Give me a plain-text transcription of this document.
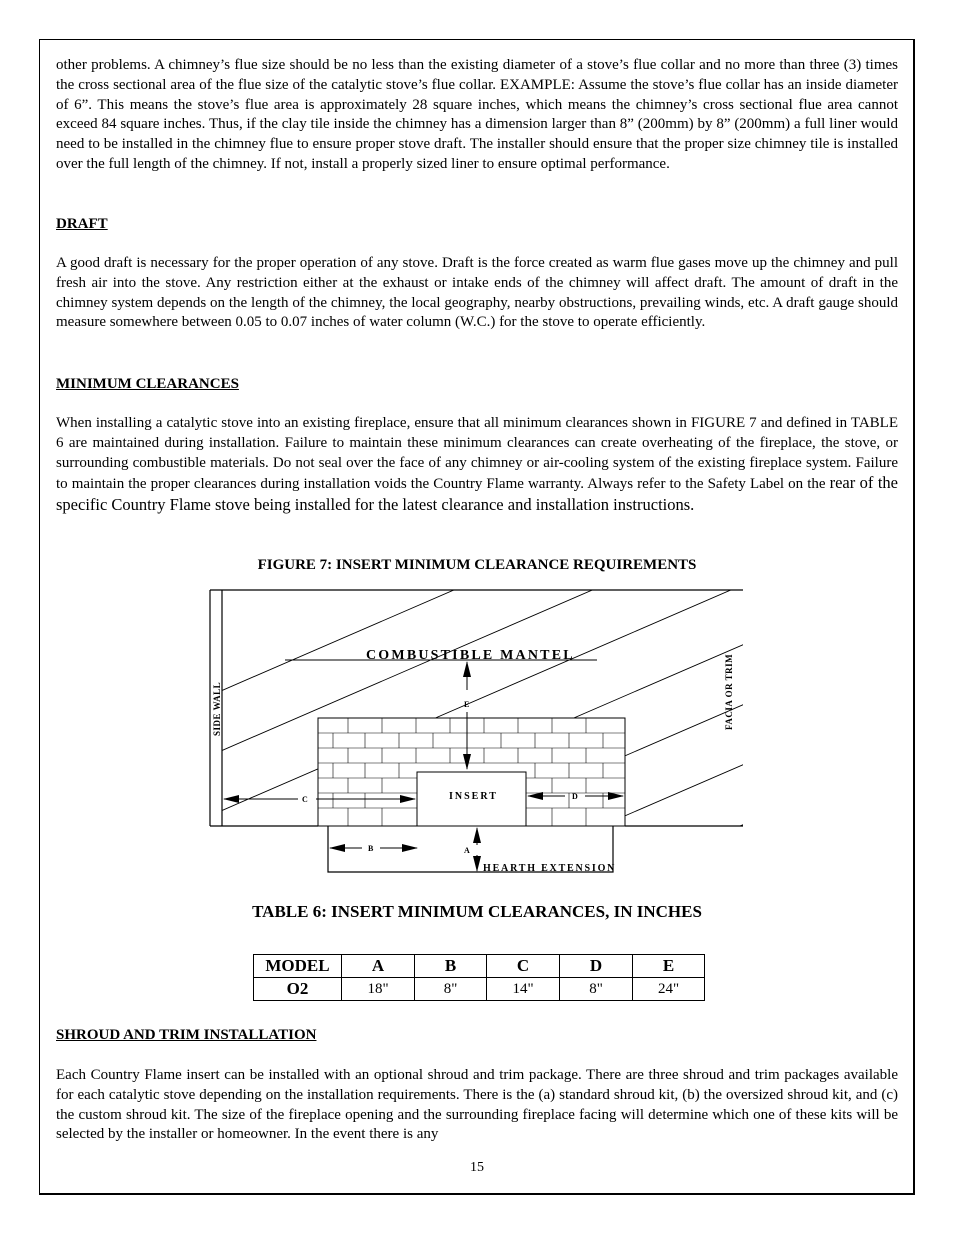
other problems. A chimney’s flue size should be no less than the existing diameter of a stove’s flue collar and no more than three (3) times the cross sectional area of the flue size of the catalytic stove’s flue collar. EXAMPLE: Assume the stove’s flue collar has an inside diameter of 6”. This means the stove’s flue area is approximately 28 square inches, which means the chimney’s cross sectional flue area cannot exceed 84 square inches. Thus, if the clay tile inside the chimney has a dimension larger than 8” (200mm) by 8” (200mm) a full liner would need to be installed in the chimney flue to ensure proper stove draft. The installer should ensure that the proper size chimney tile is installed over the full length of the chimney. If not, install a properly sized liner to ensure optimal performance.

DRAFT

A good draft is necessary for the proper operation of any stove. Draft is the force created as warm flue gases move up the chimney and pull fresh air into the stove. Any restriction either at the exhaust or intake ends of the chimney will affect draft. The amount of draft in the chimney system depends on the length of the chimney, the local geography, nearby obstructions, prevailing winds, etc. A draft gauge should measure somewhere between 0.05 to 0.07 inches of water column (W.C.) for the stove to operate efficiently.

MINIMUM CLEARANCES

When installing a catalytic stove into an existing fireplace, ensure that all minimum clearances shown in FIGURE 7 and defined in TABLE 6 are maintained during installation. Failure to maintain these minimum clearances can create overheating of the fireplace, the stove, or surrounding combustible materials. Do not seal over the face of any chimney or air-cooling system of the existing fireplace system. Failure to maintain the proper clearances during installation voids the Country Flame warranty. Always refer to the Safety Label on the rear of the specific Country Flame stove being installed for the latest clearance and installation instructions.

FIGURE 7: INSERT MINIMUM CLEARANCE REQUIREMENTS
COMBUSTIBLE MANTEL
SIDE WALL	FACIA OR TRIM
INSERT
HEARTH EXTENSION
A
B
C	D
E
TABLE 6: INSERT MINIMUM CLEARANCES, IN INCHES
MODEL	A	B	C	D	E
O2	18"	8"	14"	8"	24"
SHROUD AND TRIM INSTALLATION

Each Country Flame insert can be installed with an optional shroud and trim package. There are three shroud and trim packages available for each catalytic stove depending on the installation requirements. There is the (a) standard shroud kit, (b) the oversized shroud kit, and (c) the custom shroud kit. The size of the fireplace opening and the surrounding fireplace facing will determine which one of these kits will be selected by the installer or homeowner. In the event there is any

15
